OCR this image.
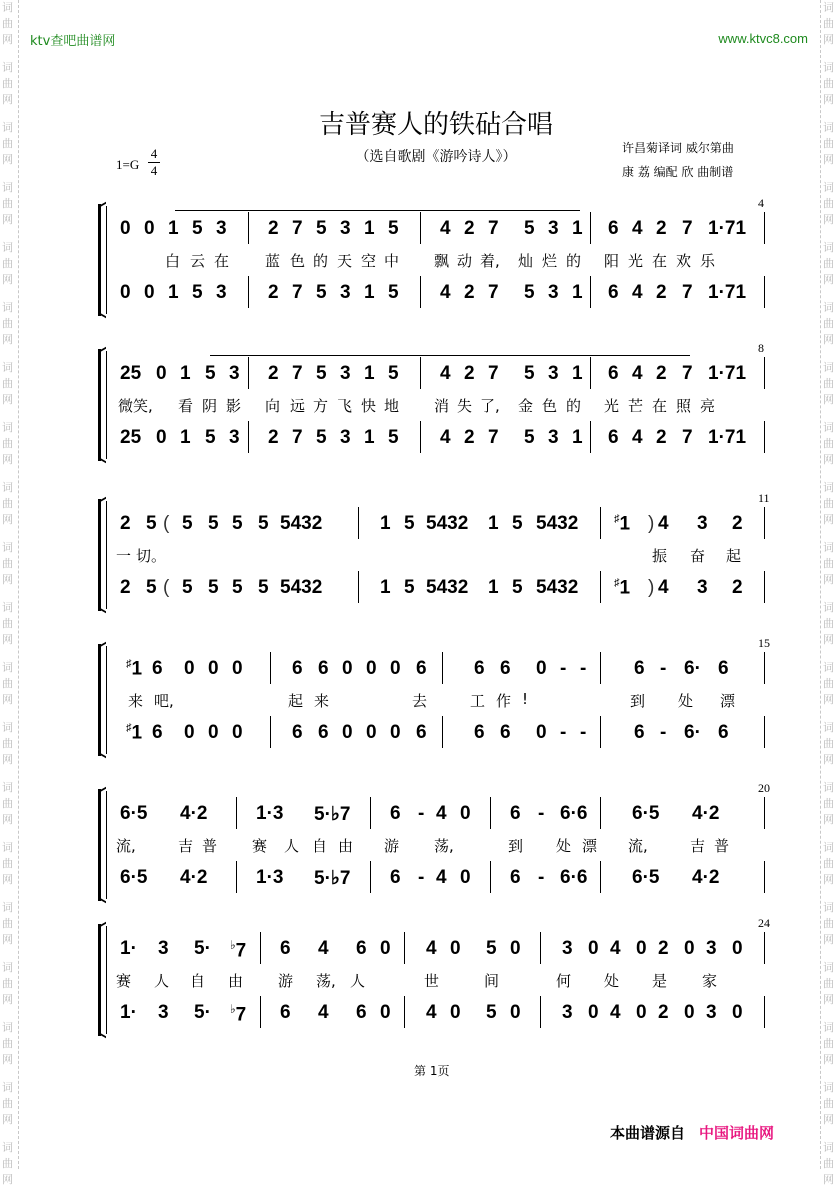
词
曲
网
词
曲
网
词
曲
网
词
曲
网
词
曲
网
词
曲
网
词
曲
网
词
曲
网
词
曲
网
词
曲
网
词
曲
网
词
曲
网
词
曲
网
词
曲
网
词
曲
网
词
曲
网
词
曲
网
词
曲
网
词
曲
网
词
曲
网
词
曲
网
词
曲
网
词
曲
网
词
曲
网
词
曲
网
词
曲
网
词
曲
网
词
曲
网
词
曲
网
词
曲
网
词
曲
网
词
曲
网
词
曲
网
词
曲
网
词
曲
网
词
曲
网
词
曲
网
词
曲
网
词
曲
网
词
曲
网
ktv查吧曲谱网	www.ktvc8.com
吉普赛人的铁砧合唱
（选自歌剧《游吟诗人》）
许昌菊译词 威尔第曲
康 荔 编配 欣 曲制谱
1=G
4
4
4
0 0 1 5 3 2 7 5 3 1 5 4 2 7 5 3 1 6 4 2 7 1·71
0 0 1 5 3 2 7 5 3 1 5 4 2 7 5 3 1 6 4 2 7 1·71
白 云 在 蓝 色 的 天 空 中 飘 动 着, 灿 烂 的 阳 光 在 欢 乐
8
25 0 1 5 3 2 7 5 3 1 5 4 2 7 5 3 1 6 4 2 7 1·71
25 0 1 5 3 2 7 5 3 1 5 4 2 7 5 3 1 6 4 2 7 1·71
微笑, 看 阴 影 向 远 方 飞 快 地 消 失 了, 金 色 的 光 芒 在 照 亮
11
2 5 ( 5 5 5 5 5432	1 5 5432 1 5 5432	♯1 ) 4 3 2
2 5 ( 5 5 5 5 5432	1 5 5432 1 5 5432	♯1 ) 4 3 2
一 切。	振 奋 起
15
♯1 6 0 0 0	6 6 0 0 0 6 6 6 0 - -	6 - 6· 6
♯1 6 0 0 0	6 6 0 0 0 6 6 6 0 - -	6 - 6· 6
来 吧,	起 来	去	工 作 !	到 处 漂
20
6·5 4·2	1·3 5·♭7 6 - 4 0 6 - 6·6 6·5 4·2
6·5 4·2	1·3 5·♭7 6 - 4 0 6 - 6·6 6·5 4·2
流,	吉 普 赛 人 自 由 游 荡,	到 处 漂 流,	吉 普
24
1· 3 5· ♭7 6 4 6 0 4 0 5 0 3 0 4 0 2 0 3 0
1· 3 5· ♭7 6 4 6 0 4 0 5 0 3 0 4 0 2 0 3 0
赛 人 自 由 游 荡, 人	世	间	何 处 是 家
第 1页
本曲谱源自 中国词曲网
